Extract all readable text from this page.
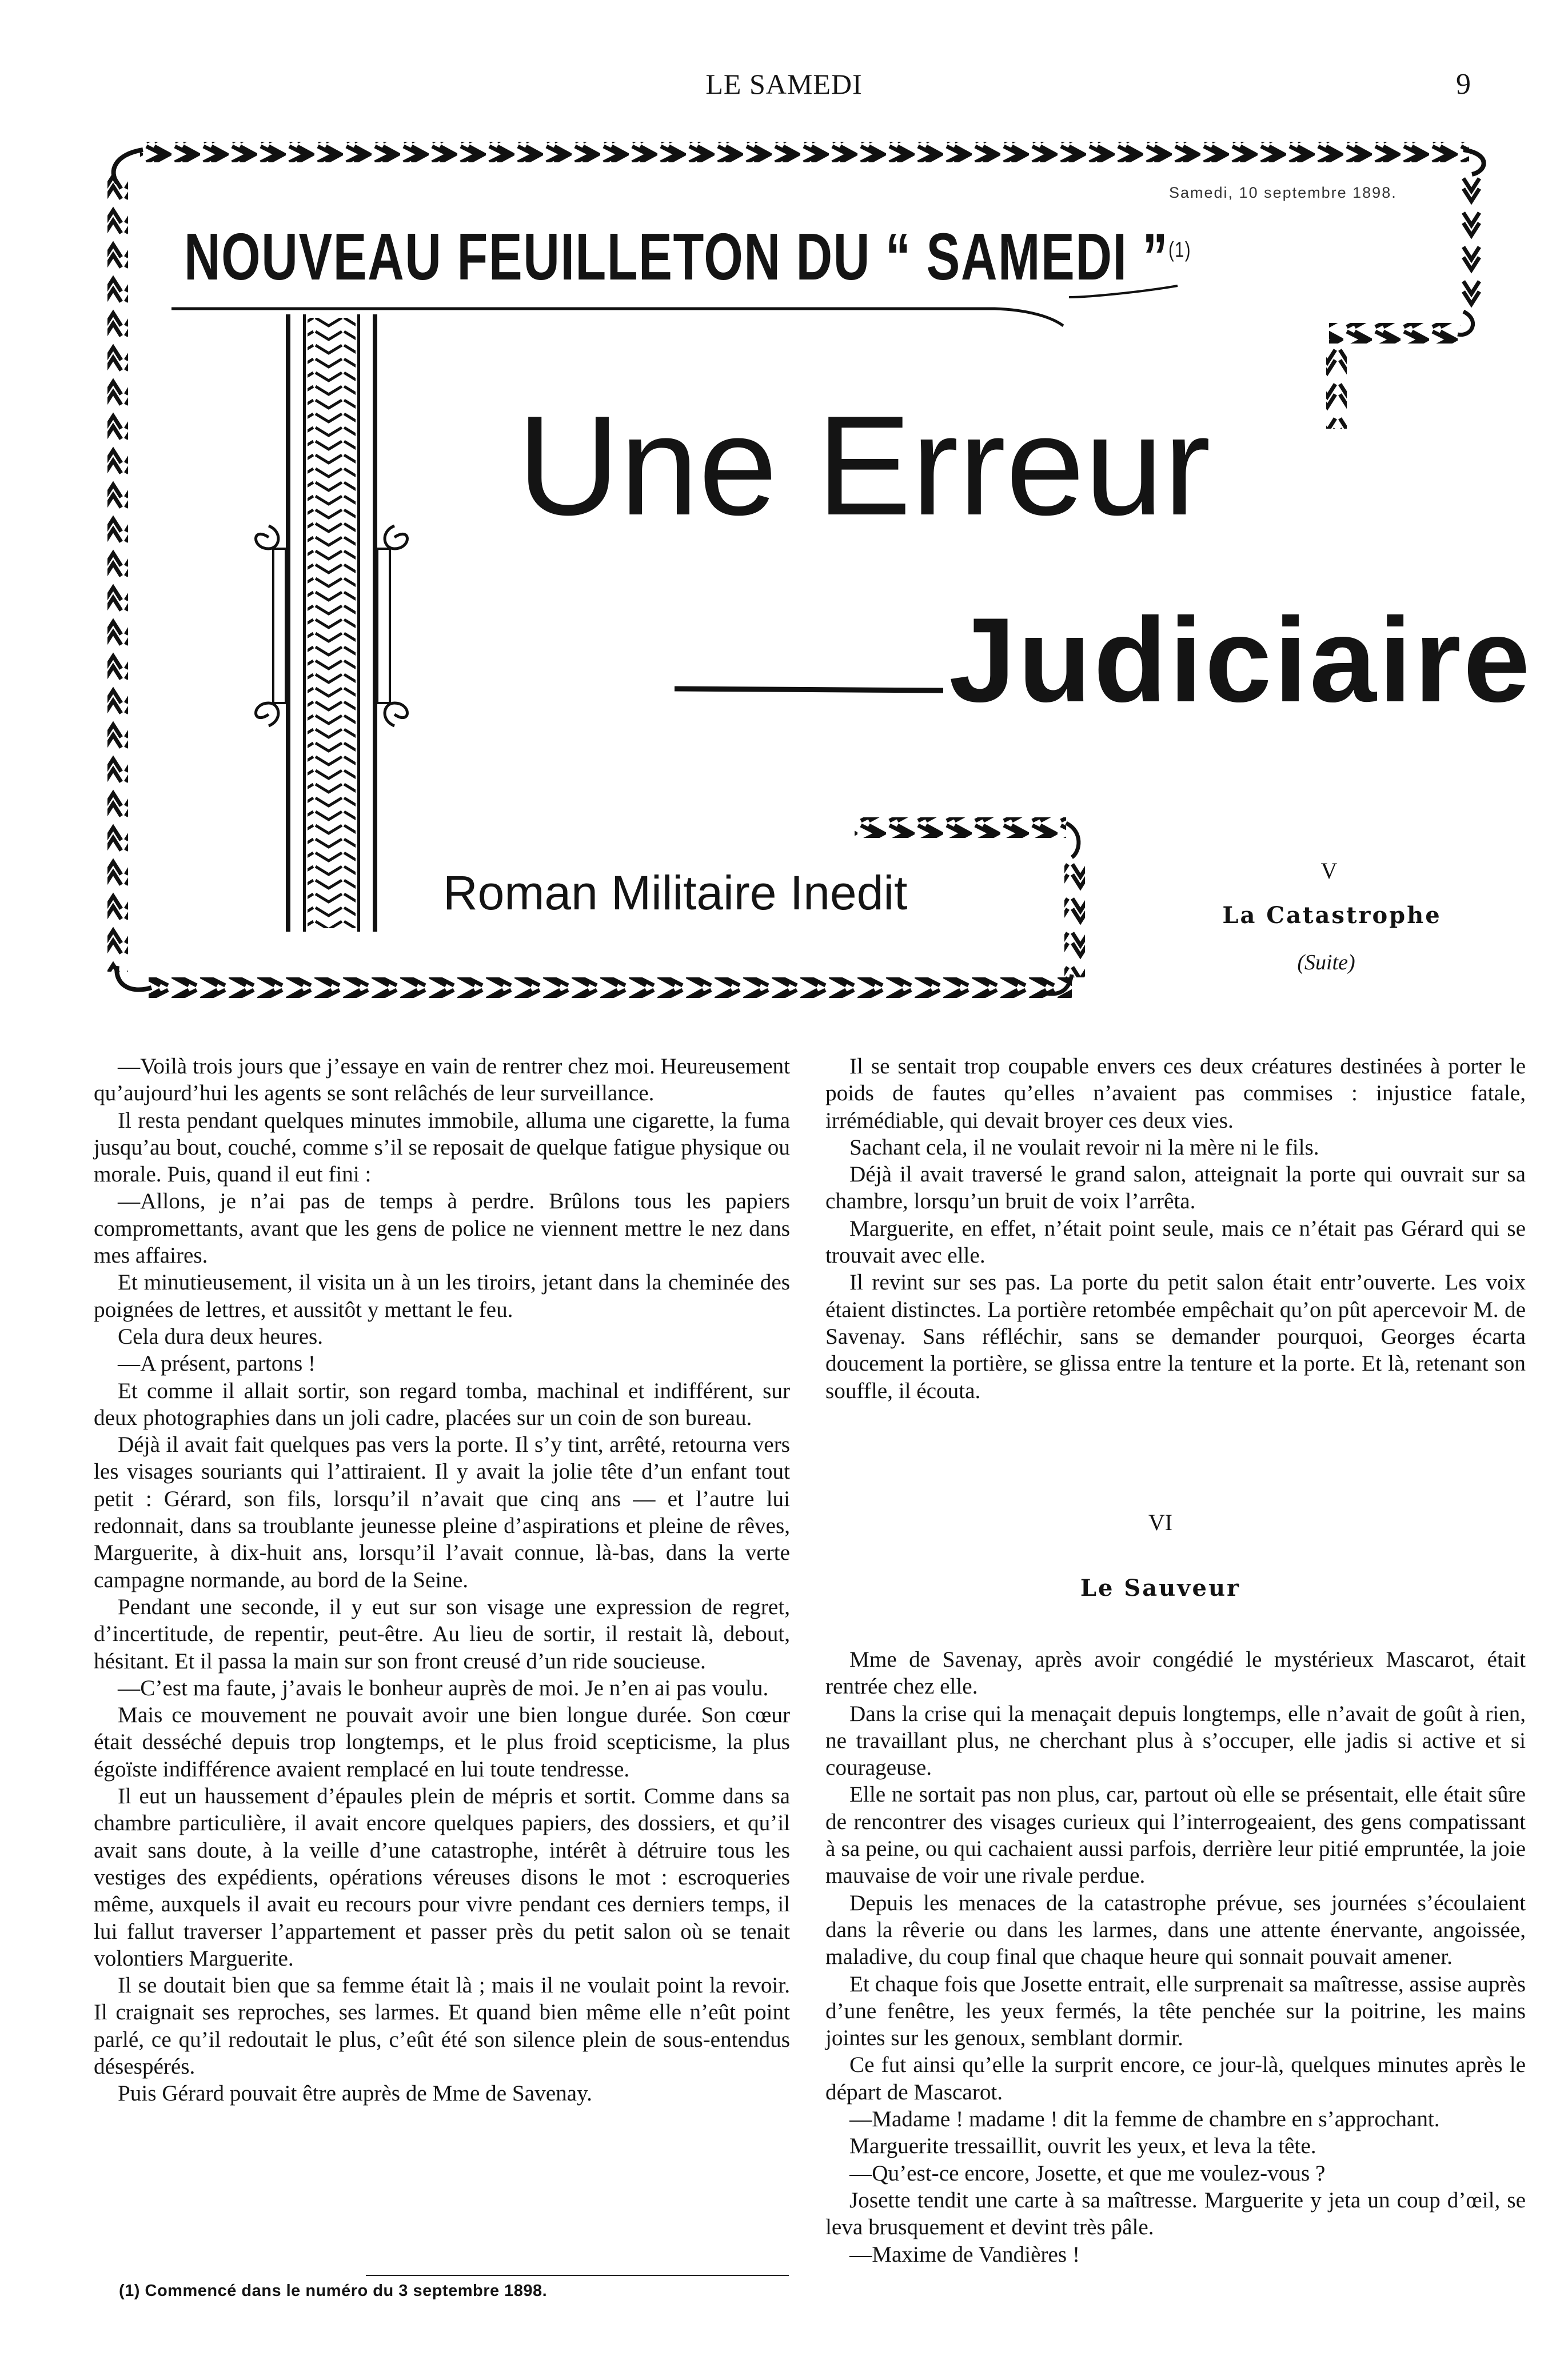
LE SAMEDI	9
Samedi, 10 septembre 1898.
NOUVEAU FEUILLETON DU “ SAMEDI ”$^{(1)}$
Une Erreur
Judiciaire
Roman Militaire Inedit	V
La Catastrophe
(Suite)

—Voilà trois jours que j’essaye en vain de rentrer chez moi. Heureusement qu’aujourd’hui les agents se sont relâchés de leur surveillance.

Il resta pendant quelques minutes immobile, alluma une cigarette, la fuma jusqu’au bout, couché, comme s’il se reposait de quelque fatigue physique ou morale. Puis, quand il eut fini :

—Allons, je n’ai pas de temps à perdre. Brûlons tous les papiers compromettants, avant que les gens de police ne viennent mettre le nez dans mes affaires.

Et minutieusement, il visita un à un les tiroirs, jetant dans la cheminée des poignées de lettres, et aussitôt y mettant le feu.

Cela dura deux heures.

—A présent, partons !

Et comme il allait sortir, son regard tomba, machinal et indifférent, sur deux photographies dans un joli cadre, placées sur un coin de son bureau.

Déjà il avait fait quelques pas vers la porte. Il s’y tint, arrêté, retourna vers les visages souriants qui l’attiraient. Il y avait la jolie tête d’un enfant tout petit : Gérard, son fils, lorsqu’il n’avait que cinq ans — et l’autre lui redonnait, dans sa troublante jeunesse pleine d’aspirations et pleine de rêves, Marguerite, à dix-huit ans, lorsqu’il l’avait connue, là-bas, dans la verte campagne normande, au bord de la Seine.

Pendant une seconde, il y eut sur son visage une expression de regret, d’incertitude, de repentir, peut-être. Au lieu de sortir, il restait là, debout, hésitant. Et il passa la main sur son front creusé d’un ride soucieuse.

—C’est ma faute, j’avais le bonheur auprès de moi. Je n’en ai pas voulu.

Mais ce mouvement ne pouvait avoir une bien longue durée. Son cœur était desséché depuis trop longtemps, et le plus froid scepticisme, la plus égoïste indifférence avaient remplacé en lui toute tendresse.

Il eut un haussement d’épaules plein de mépris et sortit. Comme dans sa chambre particulière, il avait encore quelques papiers, des dossiers, et qu’il avait sans doute, à la veille d’une catastrophe, intérêt à détruire tous les vestiges des expédients, opérations véreuses disons le mot : escroqueries même, auxquels il avait eu recours pour vivre pendant ces derniers temps, il lui fallut traverser l’appartement et passer près du petit salon où se tenait volontiers Marguerite.

Il se doutait bien que sa femme était là ; mais il ne voulait point la revoir. Il craignait ses reproches, ses larmes. Et quand bien même elle n’eût point parlé, ce qu’il redoutait le plus, c’eût été son silence plein de sous-entendus désespérés.

Puis Gérard pouvait être auprès de Mme de Savenay.

Il se sentait trop coupable envers ces deux créatures destinées à porter le poids de fautes qu’elles n’avaient pas commises : injustice fatale, irrémédiable, qui devait broyer ces deux vies.

Sachant cela, il ne voulait revoir ni la mère ni le fils.

Déjà il avait traversé le grand salon, atteignait la porte qui ouvrait sur sa chambre, lorsqu’un bruit de voix l’arrêta.

Marguerite, en effet, n’était point seule, mais ce n’était pas Gérard qui se trouvait avec elle.

Il revint sur ses pas. La porte du petit salon était entr’ouverte. Les voix étaient distinctes. La portière retombée empêchait qu’on pût apercevoir M. de Savenay. Sans réfléchir, sans se demander pourquoi, Georges écarta doucement la portière, se glissa entre la tenture et la porte. Et là, retenant son souffle, il écouta.

VI
Le Sauveur

Mme de Savenay, après avoir congédié le mystérieux Mascarot, était rentrée chez elle.

Dans la crise qui la menaçait depuis longtemps, elle n’avait de goût à rien, ne travaillant plus, ne cherchant plus à s’occuper, elle jadis si active et si courageuse.

Elle ne sortait pas non plus, car, partout où elle se présentait, elle était sûre de rencontrer des visages curieux qui l’interrogeaient, des gens compatissant à sa peine, ou qui cachaient aussi parfois, derrière leur pitié empruntée, la joie mauvaise de voir une rivale perdue.

Depuis les menaces de la catastrophe prévue, ses journées s’écoulaient dans la rêverie ou dans les larmes, dans une attente énervante, angoissée, maladive, du coup final que chaque heure qui sonnait pouvait amener.

Et chaque fois que Josette entrait, elle surprenait sa maîtresse, assise auprès d’une fenêtre, les yeux fermés, la tête penchée sur la poitrine, les mains jointes sur les genoux, semblant dormir.

Ce fut ainsi qu’elle la surprit encore, ce jour-là, quelques minutes après le départ de Mascarot.

—Madame ! madame ! dit la femme de chambre en s’approchant.

Marguerite tressaillit, ouvrit les yeux, et leva la tête.

—Qu’est-ce encore, Josette, et que me voulez-vous ?

Josette tendit une carte à sa maîtresse. Marguerite y jeta un coup d’œil, se leva brusquement et devint très pâle.

—Maxime de Vandières !

(1) Commencé dans le numéro du 3 septembre 1898.
